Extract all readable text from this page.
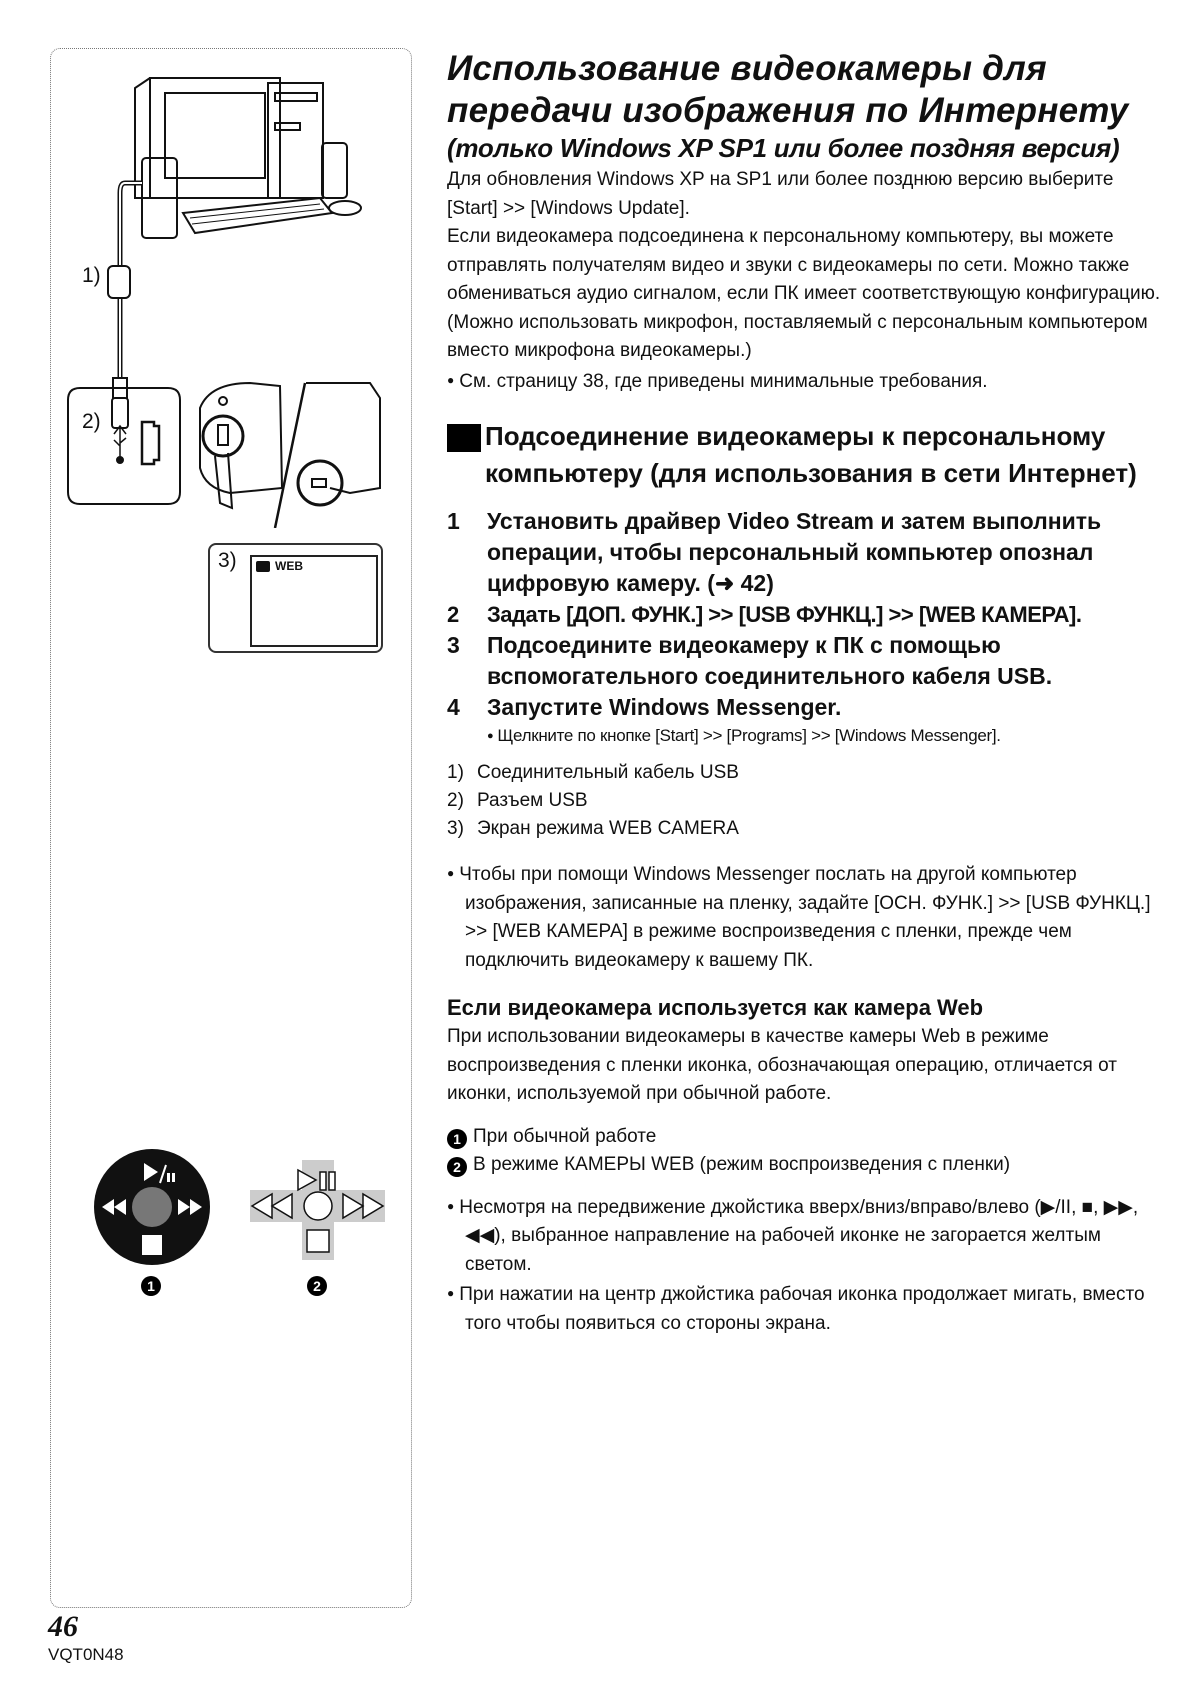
1)
2)
3)	WEB
1	2
Использование видеокамеры для
передачи изображения по Интернету
(только Windows XP SP1 или более поздняя версия)

Для обновления Windows XP на SP1 или более позднюю версию выберите [Start] >> [Windows Update].

Если видеокамера подсоединена к персональному компьютеру, вы можете отправлять получателям видео и звуки с видеокамеры по сети. Можно также обмениваться аудио сигналом, если ПК имеет соответствующую конфигурацию. (Можно использовать микрофон, поставляемый с персональным компьютером вместо микрофона видеокамеры.)

● См. страницу 38, где приведены минимальные требования.

Подсоединение видеокамеры к персональному компьютеру (для использования в сети Интернет)
1	Установить драйвер Video Stream и затем выполнить операции, чтобы персональный компьютер опознал цифровую камеру. (➜ 42)
2	Задать [ДОП. ФУНК.] >> [USB ФУНКЦ.] >> [WEB КАМЕРА].
3	Подсоедините видеокамеру к ПК с помощью вспомогательного соединительного кабеля USB.
4	Запустите Windows Messenger.
● Щелкните по кнопке [Start] >> [Programs] >> [Windows Messenger].
1) Соединительный кабель USB
2) Разъем USB
3) Экран режима WEB CAMERA

● Чтобы при помощи Windows Messenger послать на другой компьютер изображения, записанные на пленку, задайте [ОСН. ФУНК.] >> [USB ФУНКЦ.] >> [WEB КАМЕРА] в режиме воспроизведения с пленки, прежде чем подключить видеокамеру к вашему ПК.

Если видеокамера используется как камера Web

При использовании видеокамеры в качестве камеры Web в режиме воспроизведения с пленки иконка, обозначающая операцию, отличается от иконки, используемой при обычной работе.

1 При обычной работе

2 В режиме КАМЕРЫ WEB (режим воспроизведения с пленки)

● Несмотря на передвижение джойстика вверх/вниз/вправо/влево (▶/II, ■, ▶▶, ◀◀), выбранное направление на рабочей иконке не загорается желтым светом.

● При нажатии на центр джойстика рабочая иконка продолжает мигать, вместо того чтобы появиться со стороны экрана.

46
VQT0N48
